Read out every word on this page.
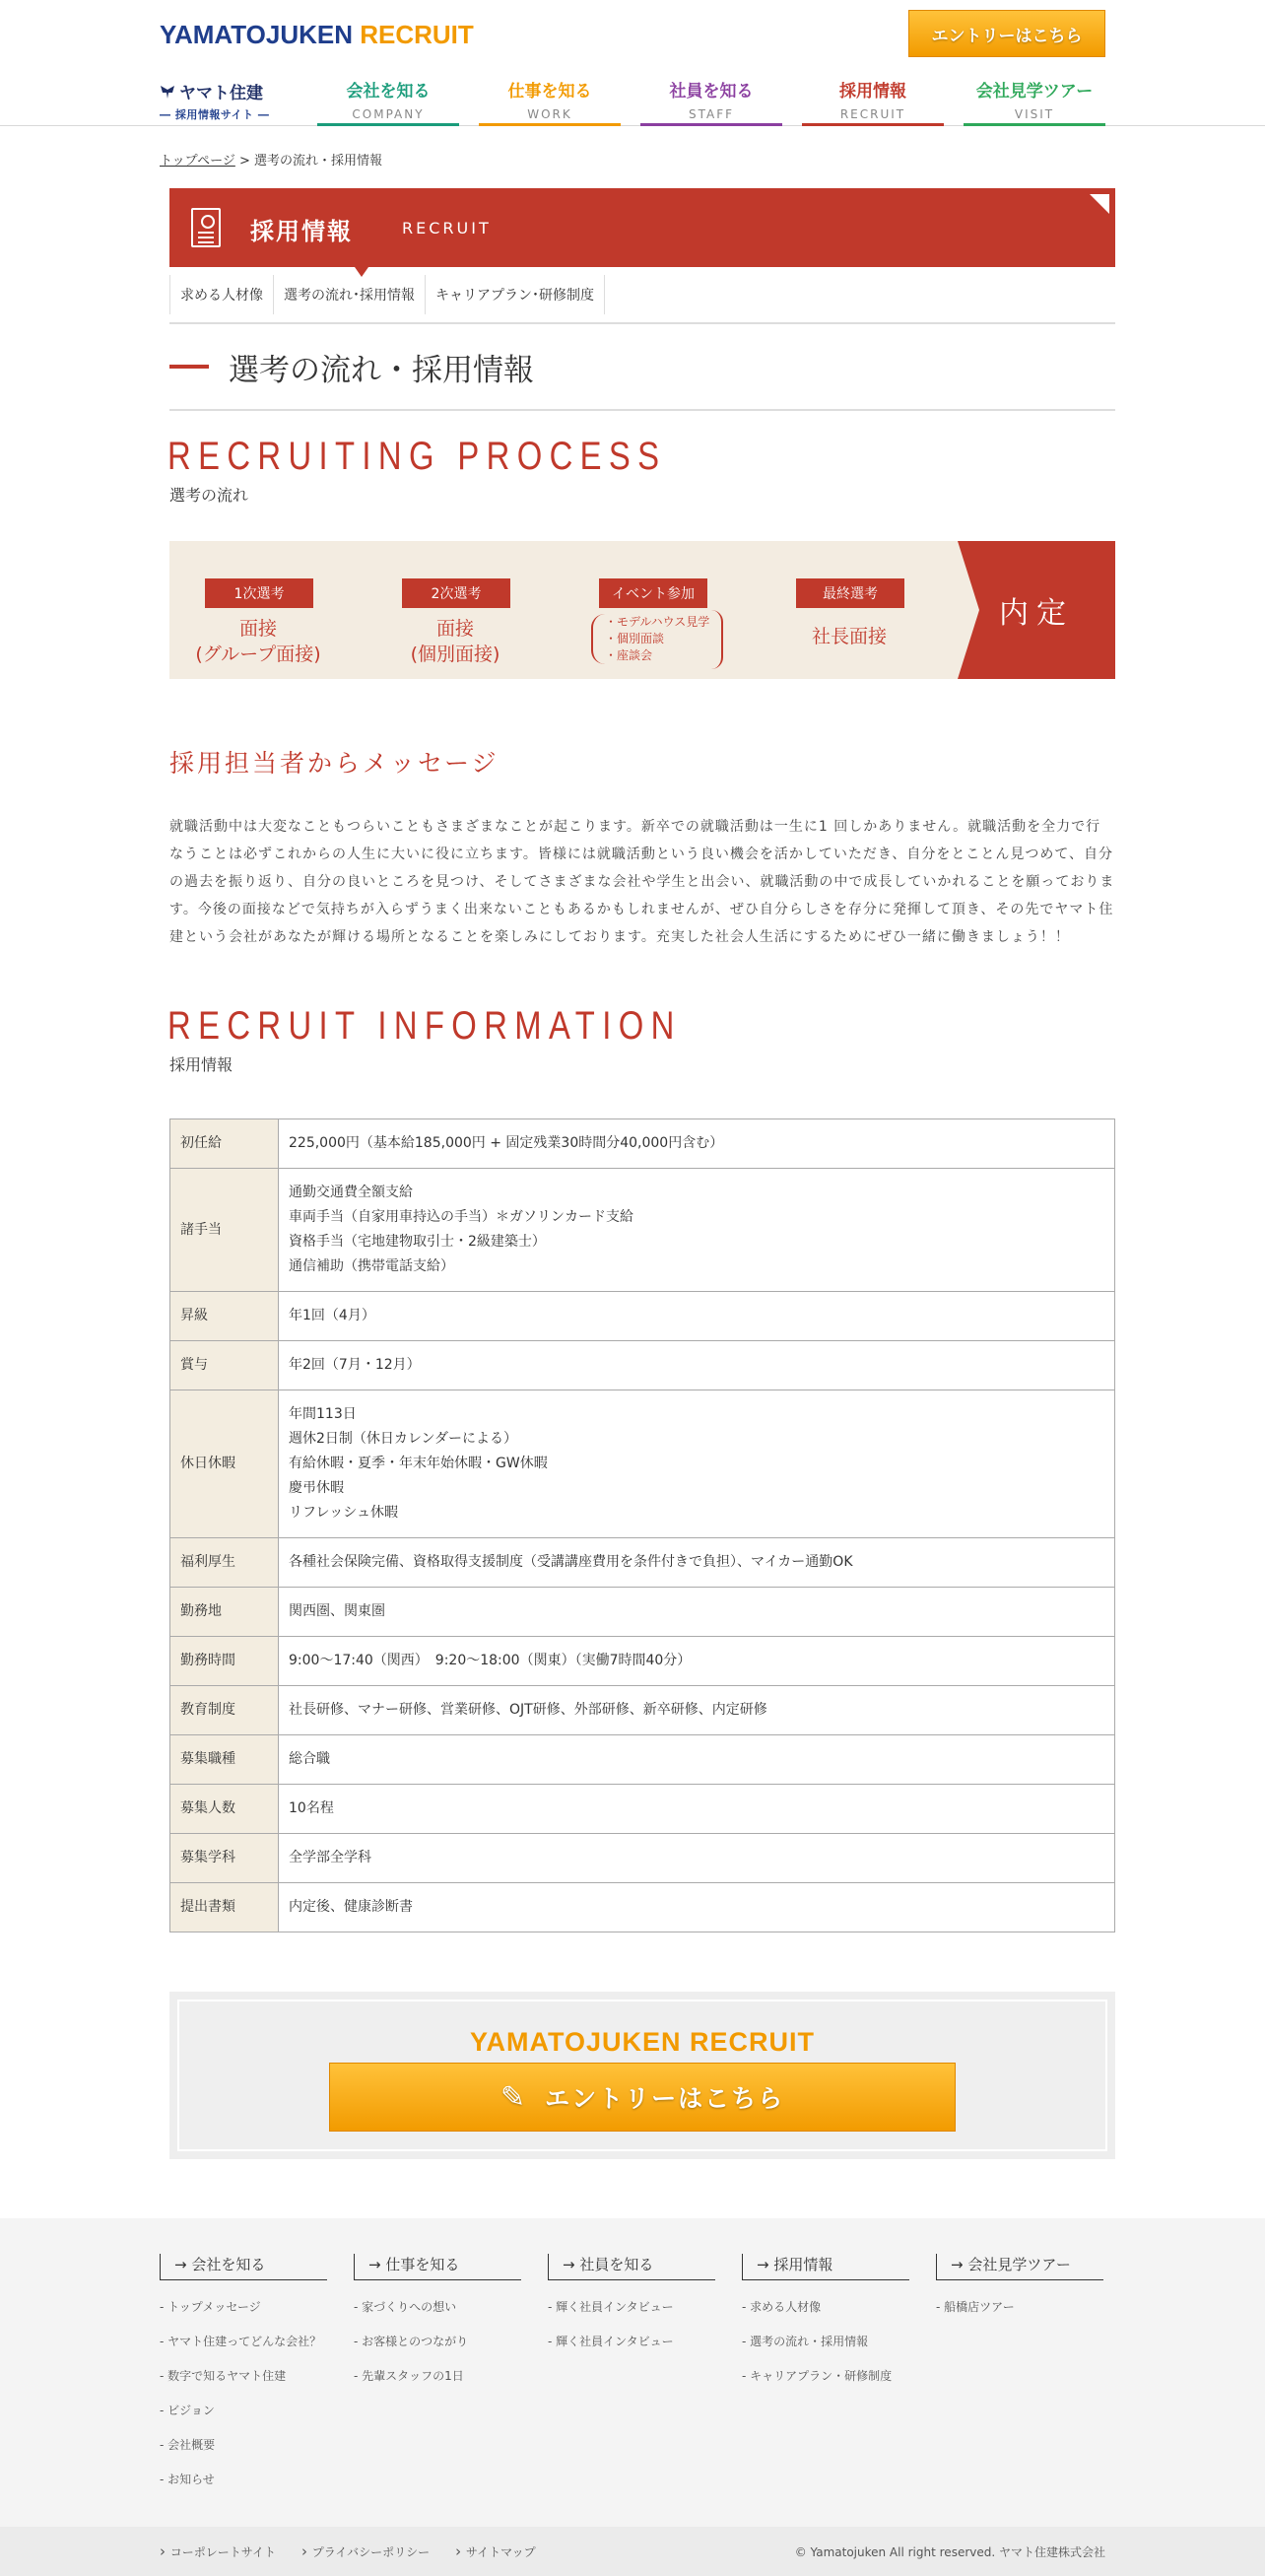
YAMATOJUKEN RECRUIT	エントリーはこちら
ヤマト住建
― 採用情報サイト ―
会社を知る
COMPANY
仕事を知る
WORK
社員を知る
STAFF
採用情報
RECRUIT
会社見学ツアー
VISIT
トップページ > 選考の流れ・採用情報
採用情報	RECRUIT
求める人材像	選考の流れ･採用情報	キャリアプラン･研修制度
選考の流れ・採用情報
RECRUITING PROCESS
選考の流れ
1次選考
面接
(グループ面接)
2次選考
面接
(個別面接)
イベント参加
・ モデルハウス見学
・ 個別面談
・ 座談会
最終選考
社長面接
内定
採用担当者からメッセージ
就職活動中は大変なこともつらいこともさまざまなことが起こります。新卒での就職活動は一生に1 回しかありません。就職活動を全力で行なうことは必ずこれからの人生に大いに役に立ちます。皆様には就職活動という良い機会を活かしていただき、自分をとことん見つめて、自分の過去を振り返り、自分の良いところを見つけ、そしてさまざまな会社や学生と出会い、就職活動の中で成長していかれることを願っております。今後の面接などで気持ちが入らずうまく出来ないこともあるかもしれませんが、ぜひ自分らしさを存分に発揮して頂き、その先でヤマト住建という会社があなたが輝ける場所となることを楽しみにしております。充実した社会人生活にするためにぜひ一緒に働きましょう！！
RECRUIT INFORMATION
採用情報
初任給	225,000円（基本給185,000円 + 固定残業30時間分40,000円含む）

諸手当	通勤交通費全額支給
車両手当（自家用車持込の手当）＊ガソリンカード支給
資格手当（宅地建物取引士・2級建築士）
通信補助（携帯電話支給）

昇級	年1回（4月）

賞与	年2回（7月・12月）

休日休暇	年間113日
週休2日制（休日カレンダーによる）
有給休暇・夏季・年末年始休暇・GW休暇
慶弔休暇
リフレッシュ休暇

福利厚生	各種社会保険完備、資格取得支援制度（受講講座費用を条件付きで負担）、マイカー通勤OK

勤務地	関西圏、関東圏

勤務時間	9:00～17:40（関西）　9:20～18:00（関東）（実働7時間40分）

教育制度	社長研修、マナー研修、営業研修、OJT研修、外部研修、新卒研修、内定研修

募集職種	総合職

募集人数	10名程

募集学科	全学部全学科

提出書類	内定後、健康診断書
YAMATOJUKEN RECRUIT
✎ エントリーはこちら
→ 会社を知る
- トップメッセージ
- ヤマト住建ってどんな会社？
- 数字で知るヤマト住建
- ビジョン
- 会社概要
- お知らせ
→ 仕事を知る
- 家づくりへの想い
- お客様とのつながり
- 先輩スタッフの1日
→ 社員を知る
- 輝く社員インタビュー
- 輝く社員インタビュー
→ 採用情報
- 求める人材像
- 選考の流れ・採用情報
- キャリアプラン・研修制度
→ 会社見学ツアー
- 船橋店ツアー
› コーポレートサイト	› プライバシーポリシー	› サイトマップ	© Yamatojuken All right reserved. ヤマト住建株式会社
